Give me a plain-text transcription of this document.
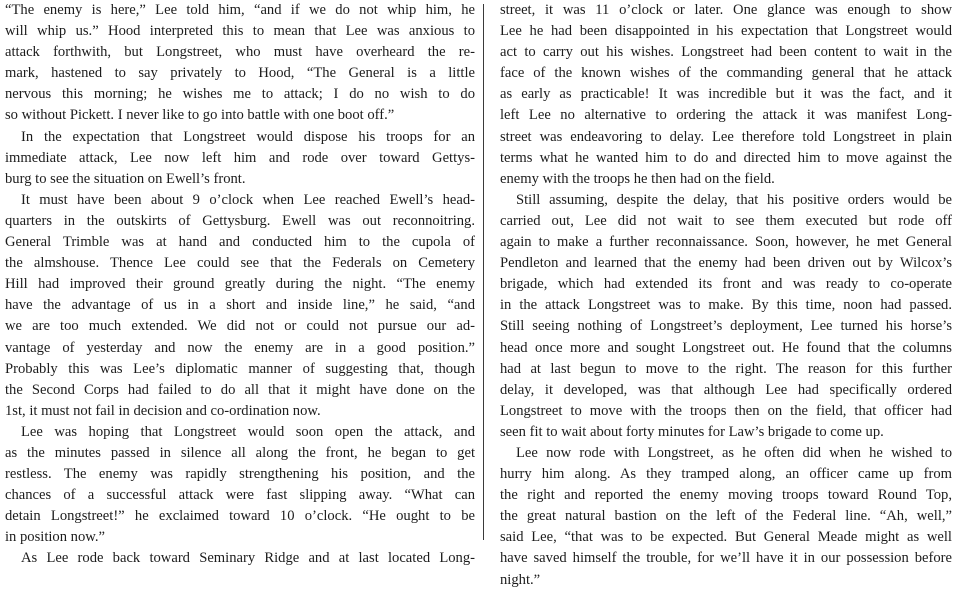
“The enemy is here,” Lee told him, “and if we do not whip him, he
will whip us.” Hood interpreted this to mean that Lee was anxious to
attack forthwith, but Longstreet, who must have overheard the re-
mark, hastened to say privately to Hood, “The General is a little
nervous this morning; he wishes me to attack; I do no wish to do
so without Pickett. I never like to go into battle with one boot off.”
In the expectation that Longstreet would dispose his troops for an
immediate attack, Lee now left him and rode over toward Gettys-
burg to see the situation on Ewell’s front.
It must have been about 9 o’clock when Lee reached Ewell’s head-
quarters in the outskirts of Gettysburg. Ewell was out reconnoitring.
General Trimble was at hand and conducted him to the cupola of
the almshouse. Thence Lee could see that the Federals on Cemetery
Hill had improved their ground greatly during the night. “The enemy
have the advantage of us in a short and inside line,” he said, “and
we are too much extended. We did not or could not pursue our ad-
vantage of yesterday and now the enemy are in a good position.”
Probably this was Lee’s diplomatic manner of suggesting that, though
the Second Corps had failed to do all that it might have done on the
1st, it must not fail in decision and co-ordination now.
Lee was hoping that Longstreet would soon open the attack, and
as the minutes passed in silence all along the front, he began to get
restless. The enemy was rapidly strengthening his position, and the
chances of a successful attack were fast slipping away. “What can
detain Longstreet!” he exclaimed toward 10 o’clock. “He ought to be
in position now.”
As Lee rode back toward Seminary Ridge and at last located Long-
street, it was 11 o’clock or later. One glance was enough to show
Lee he had been disappointed in his expectation that Longstreet would
act to carry out his wishes. Longstreet had been content to wait in the
face of the known wishes of the commanding general that he attack
as early as practicable! It was incredible but it was the fact, and it
left Lee no alternative to ordering the attack it was manifest Long-
street was endeavoring to delay. Lee therefore told Longstreet in plain
terms what he wanted him to do and directed him to move against the
enemy with the troops he then had on the field.
Still assuming, despite the delay, that his positive orders would be
carried out, Lee did not wait to see them executed but rode off
again to make a further reconnaissance. Soon, however, he met General
Pendleton and learned that the enemy had been driven out by Wilcox’s
brigade, which had extended its front and was ready to co-operate
in the attack Longstreet was to make. By this time, noon had passed.
Still seeing nothing of Longstreet’s deployment, Lee turned his horse’s
head once more and sought Longstreet out. He found that the columns
had at last begun to move to the right. The reason for this further
delay, it developed, was that although Lee had specifically ordered
Longstreet to move with the troops then on the field, that officer had
seen fit to wait about forty minutes for Law’s brigade to come up.
Lee now rode with Longstreet, as he often did when he wished to
hurry him along. As they tramped along, an officer came up from
the right and reported the enemy moving troops toward Round Top,
the great natural bastion on the left of the Federal line. “Ah, well,”
said Lee, “that was to be expected. But General Meade might as well
have saved himself the trouble, for we’ll have it in our possession before
night.”
